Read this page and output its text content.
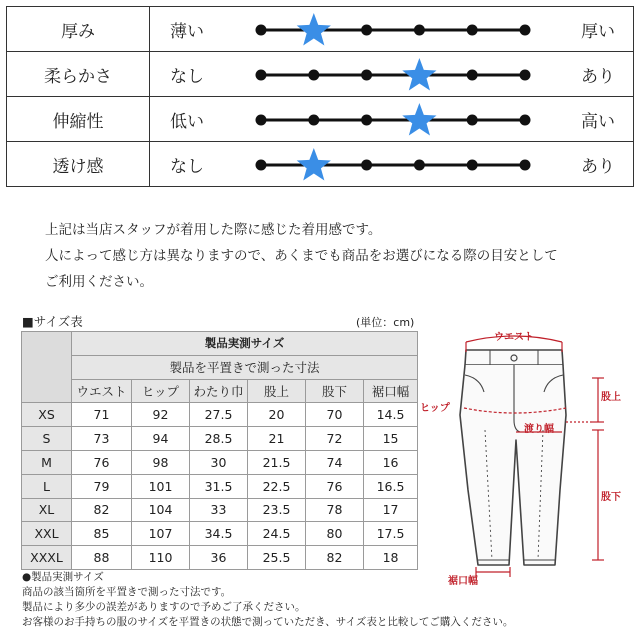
厚み	薄い	厚い
柔らかさ	なし	あり
伸縮性	低い	高い
透け感	なし	あり
上記は当店スタッフが着用した際に感じた着用感です。
人によって感じ方は異なりますので、あくまでも商品をお選びになる際の目安として
ご利用ください。
■サイズ表	(単位：cm)
	製品実測サイズ					
	製品を平置きで測った寸法					
	ウエスト	ヒップ	わたり巾	股上	股下	裾口幅
XS	71	92	27.5	20	70	14.5
S	73	94	28.5	21	72	15
M	76	98	30	21.5	74	16
L	79	101	31.5	22.5	76	16.5
XL	82	104	33	23.5	78	17
XXL	85	107	34.5	24.5	80	17.5
XXXL	88	110	36	25.5	82	18
●製品実測サイズ
商品の該当箇所を平置きで測った寸法です。
製品により多少の誤差がありますので予めご了承ください。
お客様のお手持ちの服のサイズを平置きの状態で測っていただき、サイズ表と比較してご購入ください。
ウエスト
ヒップ
渡り幅
股上
股下
裾口幅
